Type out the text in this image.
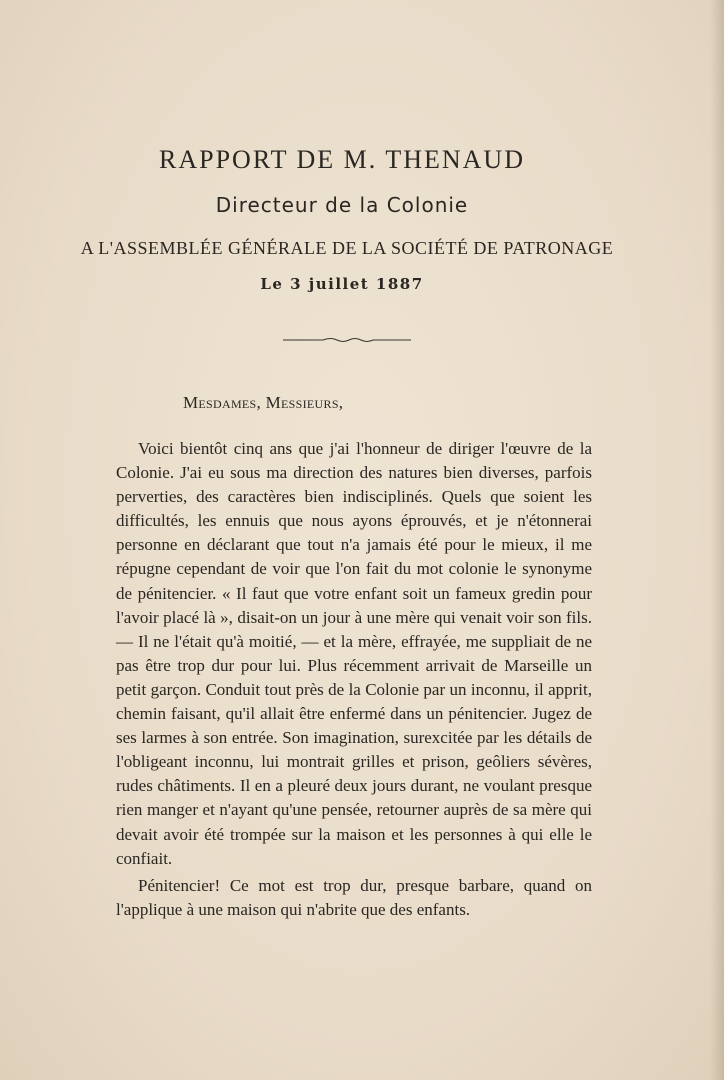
RAPPORT DE M. THENAUD
Directeur de la Colonie
A L'ASSEMBLÉE GÉNÉRALE DE LA SOCIÉTÉ DE PATRONAGE
Le 3 juillet 1887
Mesdames, Messieurs,

Voici bientôt cinq ans que j'ai l'honneur de diriger l'œuvre de la Colonie. J'ai eu sous ma direction des natures bien diverses, parfois perverties, des caractères bien indisciplinés. Quels que soient les difficultés, les ennuis que nous ayons éprouvés, et je n'étonnerai personne en déclarant que tout n'a jamais été pour le mieux, il me répugne cependant de voir que l'on fait du mot colonie le synonyme de pénitencier. « Il faut que votre enfant soit un fameux gredin pour l'avoir placé là », disait-on un jour à une mère qui venait voir son fils. — Il ne l'était qu'à moitié, — et la mère, effrayée, me suppliait de ne pas être trop dur pour lui. Plus récemment arrivait de Marseille un petit garçon. Conduit tout près de la Colonie par un inconnu, il apprit, chemin faisant, qu'il allait être enfermé dans un pénitencier. Jugez de ses larmes à son entrée. Son imagination, surexcitée par les détails de l'obligeant inconnu, lui montrait grilles et prison, geôliers sévères, rudes châtiments. Il en a pleuré deux jours durant, ne voulant presque rien manger et n'ayant qu'une pensée, retourner auprès de sa mère qui devait avoir été trompée sur la maison et les personnes à qui elle le confiait.

Pénitencier! Ce mot est trop dur, presque barbare, quand on l'applique à une maison qui n'abrite que des enfants.
